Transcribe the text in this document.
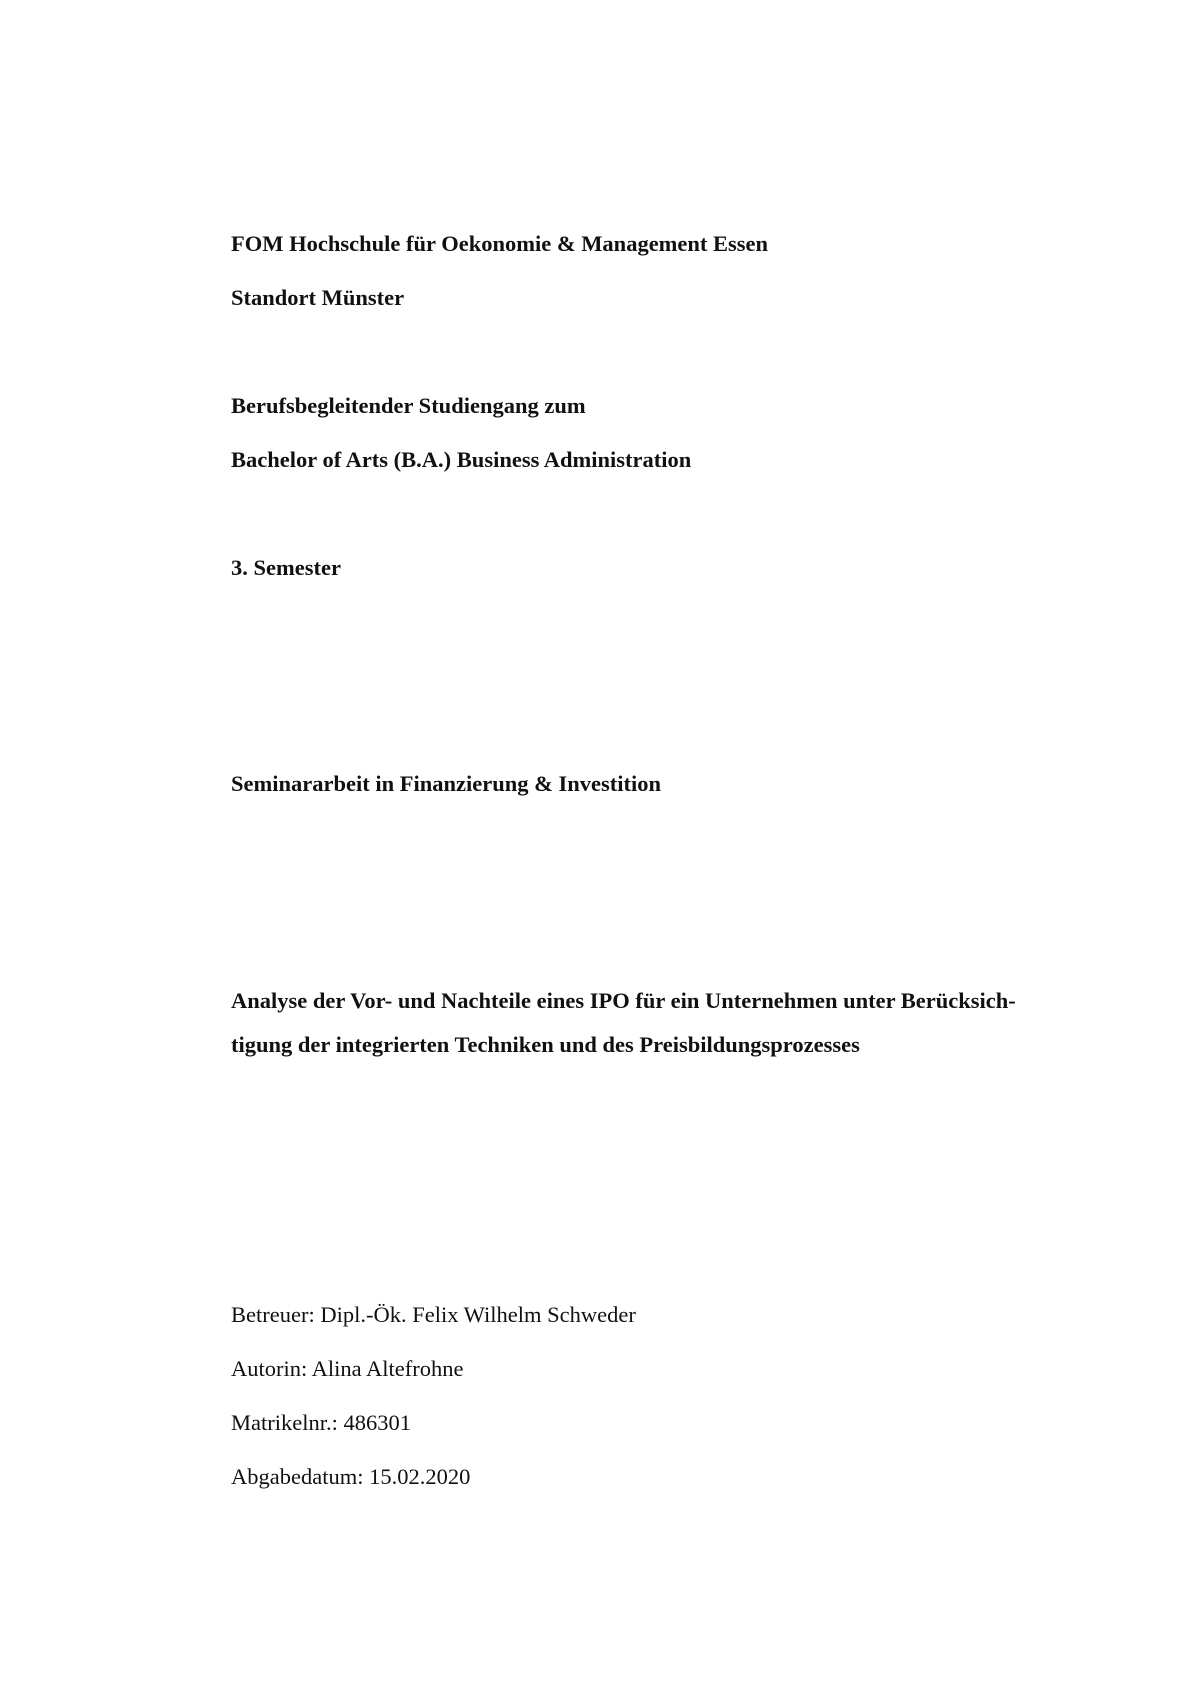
FOM Hochschule für Oekonomie & Management Essen

Standort Münster

Berufsbegleitender Studiengang zum

Bachelor of Arts (B.A.) Business Administration

3. Semester

Seminararbeit in Finanzierung & Investition

Analyse der Vor- und Nachteile eines IPO für ein Unternehmen unter Berücksich-

tigung der integrierten Techniken und des Preisbildungsprozesses

Betreuer: Dipl.-Ök. Felix Wilhelm Schweder

Autorin: Alina Altefrohne

Matrikelnr.: 486301

Abgabedatum: 15.02.2020
